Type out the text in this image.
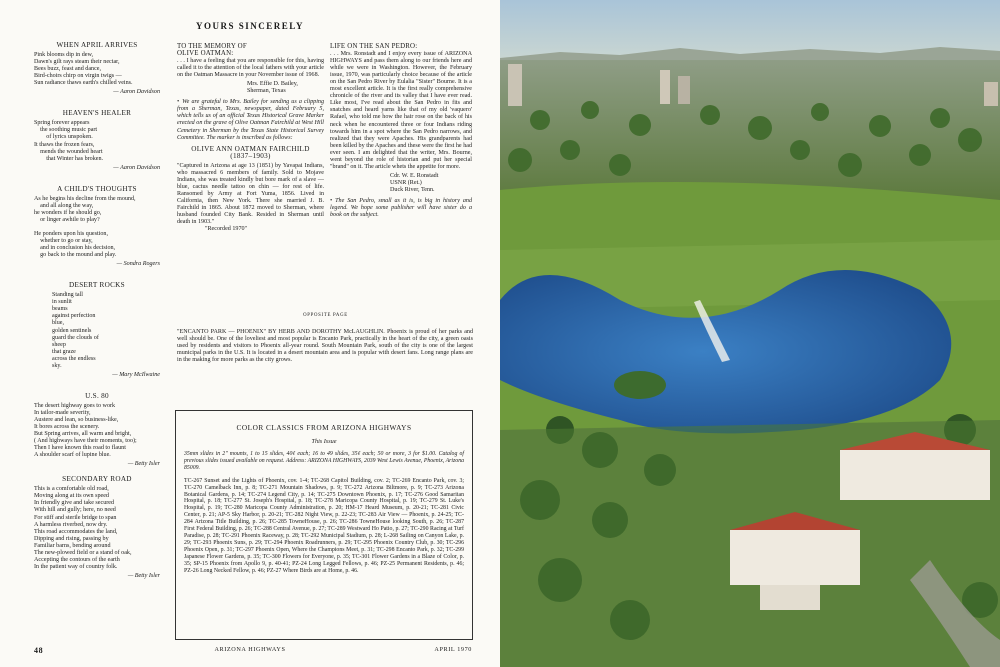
YOURS SINCERELY
WHEN APRIL ARRIVES
Pink blooms dip in dew,
Dawn's gilt rays steam their nectar,
Bees buzz, feast and dance,
Bird-choirs chirp on virgin twigs —
Sun radiance thaws earth's chilled veins.
— Aaron Davidson
HEAVEN'S HEALER
Spring forever appears
the soothing music part
of lyrics unspoken.
It thaws the frozen fears,
mends the wounded heart
that Winter has broken.
— Aaron Davidson
A CHILD'S THOUGHTS
As he begins his decline from the mound,
and all along the way,
he wonders if he should go,
or linger awhile to play?

He ponders upon his question,
whether to go or stay,
and in conclusion his decision,
go back to the mound and play.
— Sondra Rogers
DESERT ROCKS
Standing tall
in sunlit
beams
against perfection
blue,
golden sentinels
guard the clouds of
sheep
that graze
across the endless
sky.
— Mary McIlwaine
U.S. 80
The desert highway goes to work
In tailor-made severity,
Austere and lean, so business-like,
It bores across the scenery.
But Spring arrives, all warm and bright,
( And highways have their moments, too);
Then I have known this road to flaunt
A shoulder scarf of lupine blue.
— Betty Isler
SECONDARY ROAD
This is a comfortable old road,
Moving along at its own speed
In friendly give and take secured
With hill and gully; here, no need
For stiff and sterile bridge to span
A harmless riverbed, now dry.
This road accommodates the land,
Dipping and rising, passing by
Familiar barns, bending around
The new-plowed field or a stand of oak,
Accepting the contours of the earth
In the patient way of country folk.
— Betty Isler
TO THE MEMORY OF
OLIVE OATMAN:
. . . I have a feeling that you are responsible for this, having called it to the attention of the local fathers with your article on the Oatman Massacre in your November issue of 1968.
Mrs. Effie D. Bailey,
Sherman, Texas
• We are grateful to Mrs. Bailey for sending us a clipping from a Sherman, Texas, newspaper, dated February 5, which tells us of an official Texas Historical Grave Marker erected on the grave of Olive Oatman Fairchild at West Hill Cemetery in Sherman by the Texas State Historical Survey Committee. The marker is inscribed as follows:
OLIVE ANN OATMAN FAIRCHILD
(1837–1903)
"Captured in Arizona at age 13 (1851) by Yavapai Indians, who massacred 6 members of family. Sold to Mojave Indians, she was treated kindly but bore mark of a slave — blue, cactus needle tattoo on chin — for rest of life. Ransomed by Army at Fort Yuma, 1856. Lived in California, then New York. There she married J. B. Fairchild in 1865. About 1872 moved to Sherman, where husband founded City Bank. Resided in Sherman until death in 1903."
"Recorded 1970"
LIFE ON THE SAN PEDRO:
. . . Mrs. Ronstadt and I enjoy every issue of ARIZONA HIGHWAYS and pass them along to our friends here and while we were in Washington. However, the February issue, 1970, was particularly choice because of the article on the San Pedro River by Eulalia "Sister" Bourne. It is a most excellent article. It is the first really comprehensive chronicle of the river and its valley that I have ever read. Like most, I've read about the San Pedro in fits and snatches and heard yarns like that of my old 'vaquero' Rafael, who told me how the hair rose on the back of his neck when he encountered three or four Indians riding towards him in a spot where the San Pedro narrows, and realized that they were Apaches. His grandparents had been killed by the Apaches and these were the first he had ever seen. I am delighted that the writer, Mrs. Bourne, went beyond the role of historian and put her special "brand" on it. The article whets the appetite for more.
Cdr. W. E. Ronstadt
USNR (Ret.)
Duck River, Tenn.
• The San Pedro, small as it is, is big in history and legend. We hope some publisher will have sister do a book on the subject.
OPPOSITE PAGE
"ENCANTO PARK — PHOENIX" BY HERB AND DOROTHY McLAUGHLIN. Phoenix is proud of her parks and well should be. One of the loveliest and most popular is Encanto Park, practically in the heart of the city, a green oasis used by residents and visitors to Phoenix all-year round. South Mountain Park, south of the city is one of the largest municipal parks in the U.S. It is located in a desert mountain area and is popular with desert fans. Long range plans are in the making for more parks as the city grows.
COLOR CLASSICS FROM ARIZONA HIGHWAYS
This Issue
35mm slides in 2" mounts, 1 to 15 slides, 40¢ each; 16 to 49 slides, 35¢ each; 50 or more, 3 for $1.00. Catalog of previous slides issued available on request. Address: ARIZONA HIGHWAYS, 2039 West Lewis Avenue, Phoenix, Arizona 85009.
TC-267 Sunset and the Lights of Phoenix, cov. 1-4; TC-268 Capitol Building, cov. 2; TC-269 Encanto Park, cov. 3; TC-270 Camelback Inn, p. 8; TC-271 Mountain Shadows, p. 9; TC-272 Arizona Biltmore, p. 9; TC-273 Arizona Botanical Gardens, p. 14; TC-274 Legend City, p. 14; TC-275 Downtown Phoenix, p. 17; TC-276 Good Samaritan Hospital, p. 18; TC-277 St. Joseph's Hospital, p. 18; TC-278 Maricopa County Hospital, p. 19; TC-279 St. Luke's Hospital, p. 19; TC-280 Maricopa County Administration, p. 20; HM-17 Heard Museum, p. 20-21; TC-281 Civic Center, p. 21; AP-5 Sky Harbor, p. 20-21; TC-282 Night View, p. 22-23; TC-283 Air View — Phoenix, p. 24-25; TC-284 Arizona Title Building, p. 26; TC-285 TowneHouse, p. 26; TC-286 TowneHouse looking South, p. 26; TC-287 First Federal Building, p. 26; TC-288 Central Avenue, p. 27; TC-289 Westward Ho Patio, p. 27; TC-290 Racing at Turf Paradise, p. 28; TC-291 Phoenix Raceway, p. 28; TC-292 Municipal Stadium, p. 28; L-268 Sailing on Canyon Lake, p. 29; TC-293 Phoenix Suns, p. 29; TC-294 Phoenix Roadrunners, p. 29; TC-295 Phoenix Country Club, p. 30; TC-296 Phoenix Open, p. 31; TC-297 Phoenix Open, Where the Champions Meet, p. 31; TC-298 Encanto Park, p. 32; TC-299 Japanese Flower Gardens, p. 35; TC-300 Flowers for Everyone, p. 35; TC-301 Flower Gardens in a Blaze of Color, p. 35; SP-15 Phoenix from Apollo 9, p. 40-41; PZ-24 Long Legged Fellows, p. 46; PZ-25 Permanent Residents, p. 46; PZ-26 Long Necked Fellow, p. 46; PZ-27 Where Birds are at Home, p. 46.
48	ARIZONA HIGHWAYS	APRIL 1970
